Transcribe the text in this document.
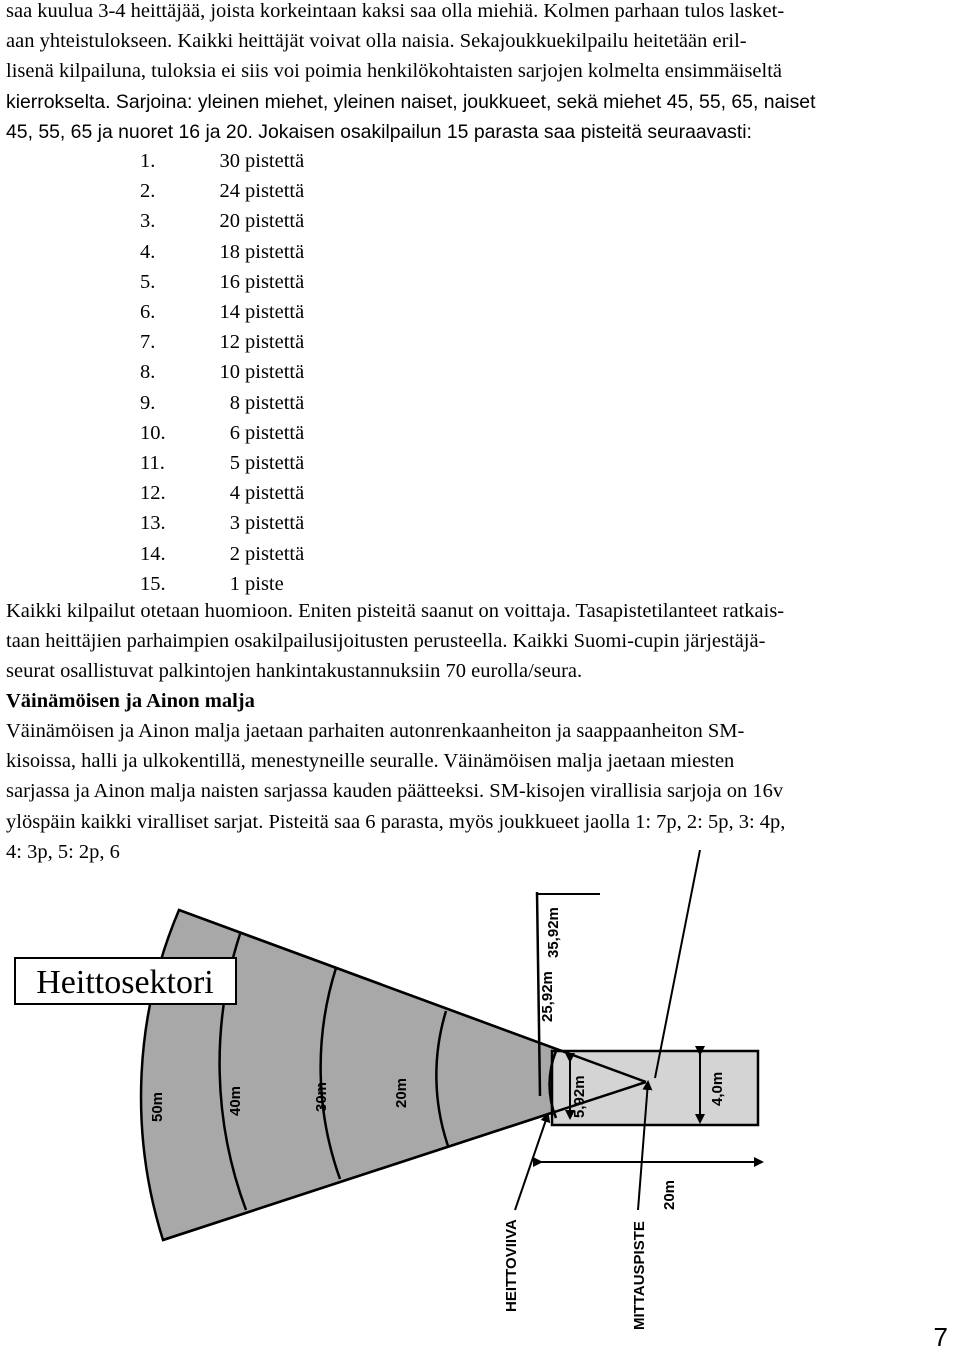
saa kuulua 3-4 heittäjää, joista korkeintaan kaksi saa olla miehiä. Kolmen parhaan tulos lasket-
aan yhteistulokseen. Kaikki heittäjät voivat olla naisia. Sekajoukkuekilpailu heitetään eril-
lisenä kilpailuna, tuloksia ei siis voi poimia henkilökohtaisten sarjojen kolmelta ensimmäiseltä
kierrokselta. Sarjoina: yleinen miehet, yleinen naiset, joukkueet, sekä miehet 45, 55, 65, naiset
45, 55, 65 ja nuoret 16 ja 20. Jokaisen osakilpailun 15 parasta saa pisteitä seuraavasti:
1.	30 pistettä
2.	24 pistettä
3.	20 pistettä
4.	18 pistettä
5.	16 pistettä
6.	14 pistettä
7.	12 pistettä
8.	10 pistettä
9.	8 pistettä
10.	6 pistettä
11.	5 pistettä
12.	4 pistettä
13.	3 pistettä
14.	2 pistettä
15.	1 piste
Kaikki kilpailut otetaan huomioon. Eniten pisteitä saanut on voittaja. Tasapistetilanteet ratkais-
taan heittäjien parhaimpien osakilpailusijoitusten perusteella. Kaikki Suomi-cupin järjestäjä-
seurat osallistuvat palkintojen hankintakustannuksiin 70 eurolla/seura.
Väinämöisen ja Ainon malja
Väinämöisen ja Ainon malja jaetaan parhaiten autonrenkaanheiton ja saappaanheiton SM-
kisoissa, halli ja ulkokentillä, menestyneille seuralle. Väinämöisen malja jaetaan miesten
sarjassa ja Ainon malja naisten sarjassa kauden päätteeksi. SM-kisojen virallisia sarjoja on 16v
ylöspäin kaikki viralliset sarjat. Pisteitä saa 6 parasta, myös joukkueet jaolla 1: 7p, 2: 5p, 3: 4p,
4: 3p, 5: 2p, 6
50m	40m	30m	20m
Heittosektori
35,92m
25,92m
5,92m	4,0m
20m
HEITTOVIIVA	MITTAUSPISTE
7
